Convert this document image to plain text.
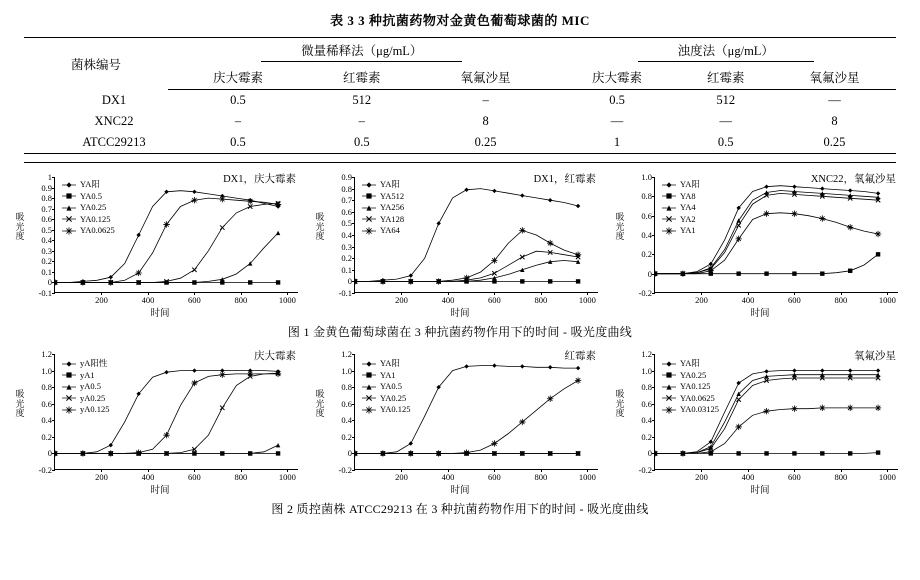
表 3 3 种抗菌药物对金黄色葡萄球菌的 MIC
菌株编号	微量稀释法（μg/mL）			浊度法（μg/mL）		
	庆大霉素	红霉素	氧氟沙星	庆大霉素	红霉素	氧氟沙星
DX1	0.5	512	–	0.5	512	—
XNC22	–	–	8	—	—	8
ATCC29213	0.5	0.5	0.25	1	0.5	0.25
DX1，庆大霉素
吸
光
度
1
0.9
0.8
0.7
0.6
0.5
0.4
0.3
0.2
0.1
0
-0.1
200	400	600	800	1000
YA阳
YA0.5
YA0.25
YA0.125
YA0.0625
时间
DX1，红霉素
吸
光
度
0.9
0.8
0.7
0.6
0.5
0.4
0.3
0.2
0.1
0
-0.1
200	400	600	800	1000
YA阳
YA512
YA256
YA128
YA64
时间
XNC22，氧氟沙星
吸
光
度
1.0
0.8
0.6
0.4
0.2
0
-0.2
200	400	600	800	1000
YA阳
YA8
YA4
YA2
YA1
时间
图 1 金黄色葡萄球菌在 3 种抗菌药物作用下的时间 - 吸光度曲线
庆大霉素
吸
光
度
1.2
1.0
0.8
0.6
0.4
0.2
0
-0.2
200	400	600	800	1000
yA阳性
yA1
yA0.5
yA0.25
yA0.125
时间
红霉素
吸
光
度
1.2
1.0
0.8
0.6
0.4
0.2
0
-0.2
200	400	600	800	1000
YA阳
YA1
YA0.5
YA0.25
YA0.125
时间
氧氟沙星
吸
光
度
1.2
1.0
0.8
0.6
0.4
0.2
0
-0.2
200	400	600	800	1000
YA阳
YA0.25
YA0.125
YA0.0625
YA0.03125
时间
图 2 质控菌株 ATCC29213 在 3 种抗菌药物作用下的时间 - 吸光度曲线
